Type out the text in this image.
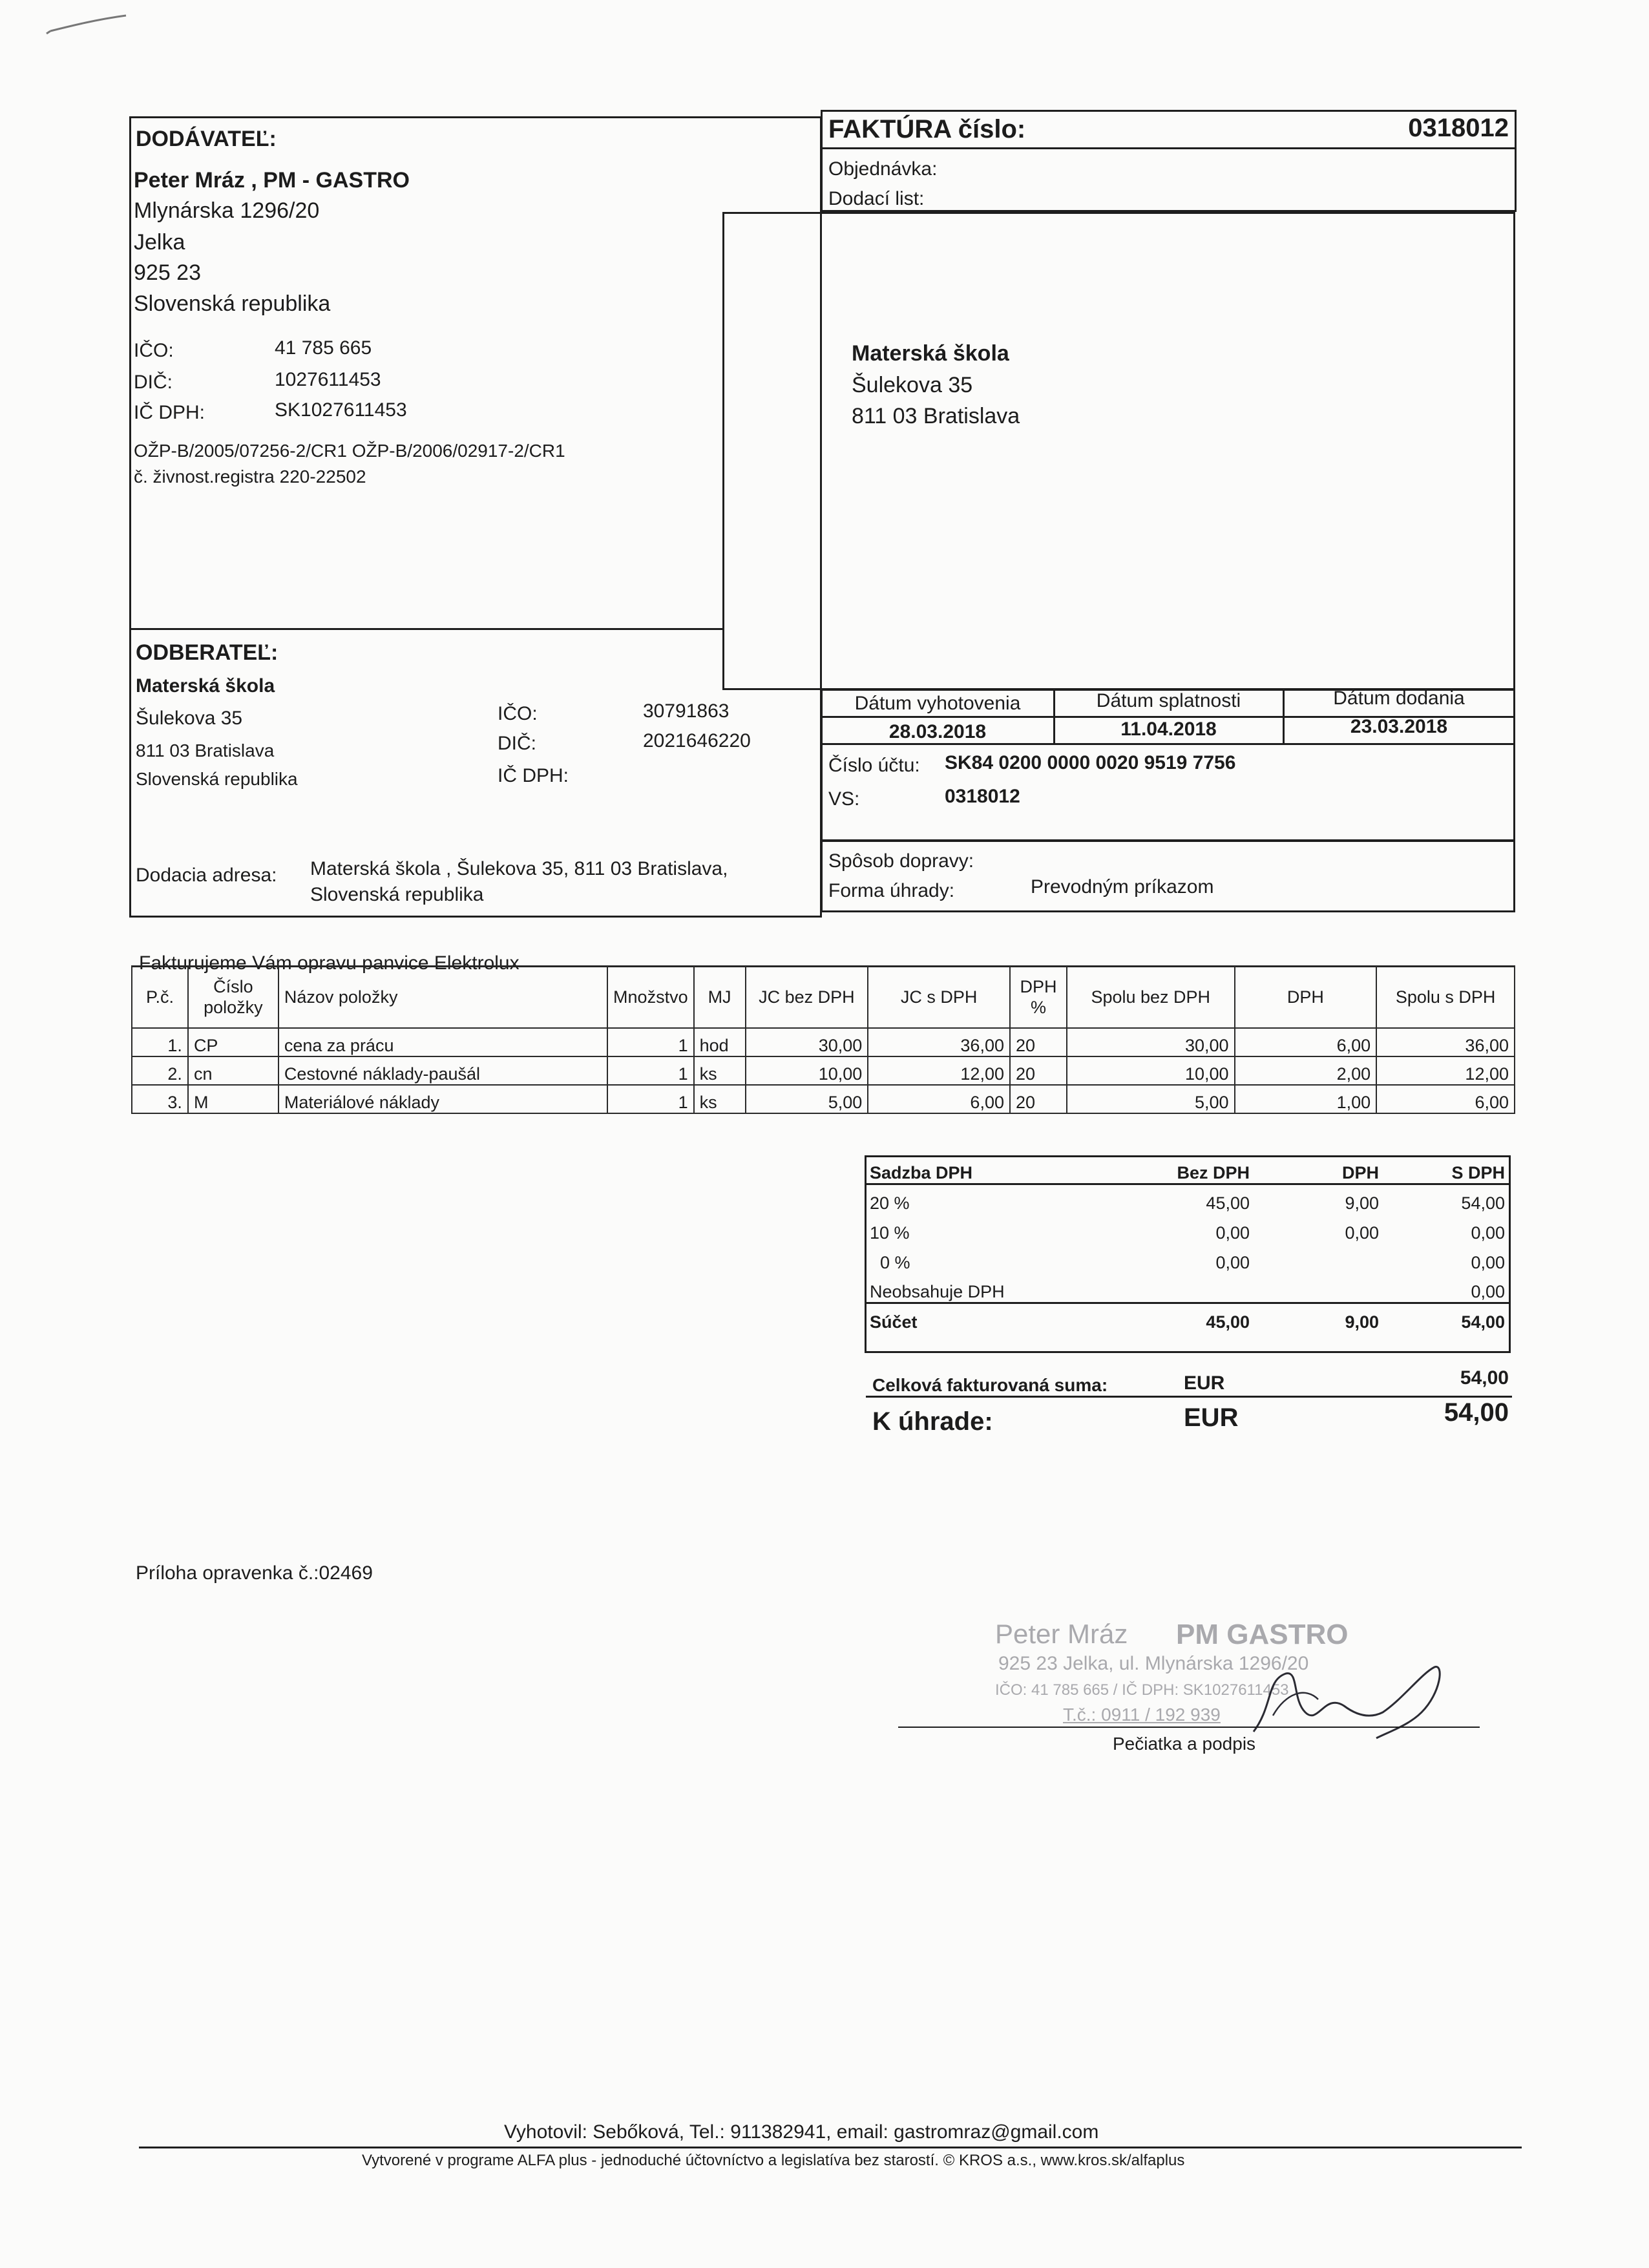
DODÁVATEĽ:
Peter Mráz , PM - GASTRO
Mlynárska 1296/20
Jelka
925 23
Slovenská republika
IČO:	41 785 665
DIČ:	1027611453
IČ DPH:	SK1027611453
OŽP-B/2005/07256-2/CR1 OŽP-B/2006/02917-2/CR1
č. živnost.registra 220-22502
FAKTÚRA číslo:	0318012
Objednávka:
Dodací list:
Materská škola
Šulekova 35
811 03 Bratislava
ODBERATEĽ:
Materská škola
Šulekova 35
811 03 Bratislava
Slovenská republika
IČO:	30791863
DIČ:	2021646220
IČ DPH:
Dodacia adresa: Materská škola , Šulekova 35, 811 03 Bratislava,
Slovenská republika
Dátum vyhotovenia	Dátum splatnosti	Dátum dodania
28.03.2018	11.04.2018	23.03.2018
Číslo účtu: SK84 0200 0000 0020 9519 7756
VS:	0318012
Spôsob dopravy:
Forma úhrady:	Prevodným príkazom
Fakturujeme Vám opravu panvice Elektrolux
P.č.	Číslo položky	Názov položky	Množstvo	MJ	JC bez DPH	JC s DPH	DPH %	Spolu bez DPH	DPH	Spolu s DPH
1.	CP	cena za prácu	1	hod	30,00	36,00	20	30,00	6,00	36,00
2.	cn	Cestovné náklady-paušál	1	ks	10,00	12,00	20	10,00	2,00	12,00
3.	M	Materiálové náklady	1	ks	5,00	6,00	20	5,00	1,00	6,00
Sadzba DPH	Bez DPH	DPH	S DPH
20 %	45,00	9,00	54,00
10 %	0,00	0,00	0,00
0 %	0,00		0,00
Neobsahuje DPH			0,00
Súčet	45,00	9,00	54,00
Celková fakturovaná suma:	EUR	54,00
K úhrade:	EUR	54,00
Príloha opravenka č.:02469
Peter Mráz PM GASTRO
925 23 Jelka, ul. Mlynárska 1296/20
IČO: 41 785 665 / IČ DPH: SK1027611453
T.č.: 0911 / 192 939
Pečiatka a podpis
Vyhotovil: Sebőková, Tel.: 911382941, email: gastromraz@gmail.com
Vytvorené v programe ALFA plus - jednoduché účtovníctvo a legislatíva bez starostí. © KROS a.s., www.kros.sk/alfaplus
